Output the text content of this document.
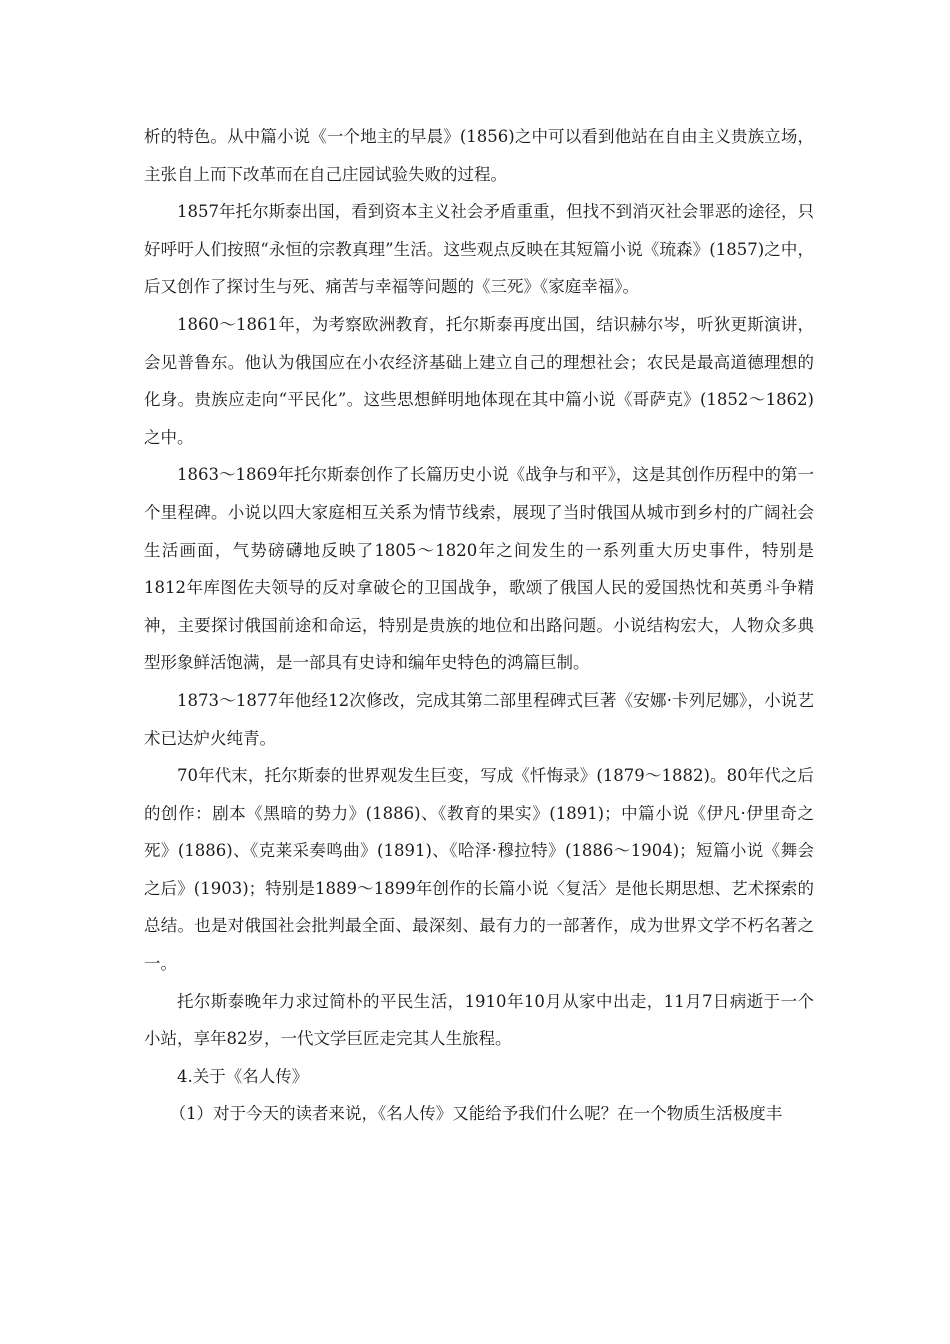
析的特色。从中篇小说《一个地主的早晨》(1856)之中可以看到他站在自由主义贵族立场，主张自上而下改革而在自己庄园试验失败的过程。

1857年托尔斯泰出国，看到资本主义社会矛盾重重，但找不到消灭社会罪恶的途径，只好呼吁人们按照“永恒的宗教真理”生活。这些观点反映在其短篇小说《琉森》(1857)之中，后又创作了探讨生与死、痛苦与幸福等问题的《三死》《家庭幸福》。

1860～1861年，为考察欧洲教育，托尔斯泰再度出国，结识赫尔岑，听狄更斯演讲，会见普鲁东。他认为俄国应在小农经济基础上建立自己的理想社会；农民是最高道德理想的化身。贵族应走向“平民化”。这些思想鲜明地体现在其中篇小说《哥萨克》(1852～1862)之中。

1863～1869年托尔斯泰创作了长篇历史小说《战争与和平》，这是其创作历程中的第一个里程碑。小说以四大家庭相互关系为情节线索，展现了当时俄国从城市到乡村的广阔社会生活画面，气势磅礴地反映了1805～1820年之间发生的一系列重大历史事件，特别是1812年库图佐夫领导的反对拿破仑的卫国战争，歌颂了俄国人民的爱国热忱和英勇斗争精神，主要探讨俄国前途和命运，特别是贵族的地位和出路问题。小说结构宏大，人物众多典型形象鲜活饱满，是一部具有史诗和编年史特色的鸿篇巨制。

1873～1877年他经12次修改，完成其第二部里程碑式巨著《安娜·卡列尼娜》，小说艺术已达炉火纯青。

70年代末，托尔斯泰的世界观发生巨变，写成《忏悔录》(1879～1882)。80年代之后的创作：剧本《黑暗的势力》(1886)、《教育的果实》(1891)；中篇小说《伊凡·伊里奇之死》(1886)、《克莱采奏鸣曲》(1891)、《哈泽·穆拉特》(1886～1904)；短篇小说《舞会之后》(1903)；特别是1889～1899年创作的长篇小说〈复活〉是他长期思想、艺术探索的总结。也是对俄国社会批判最全面、最深刻、最有力的一部著作，成为世界文学不朽名著之一。

托尔斯泰晚年力求过简朴的平民生活，1910年10月从家中出走，11月7日病逝于一个小站，享年82岁，一代文学巨匠走完其人生旅程。

4.关于《名人传》

（1）对于今天的读者来说，《名人传》又能给予我们什么呢？在一个物质生活极度丰
